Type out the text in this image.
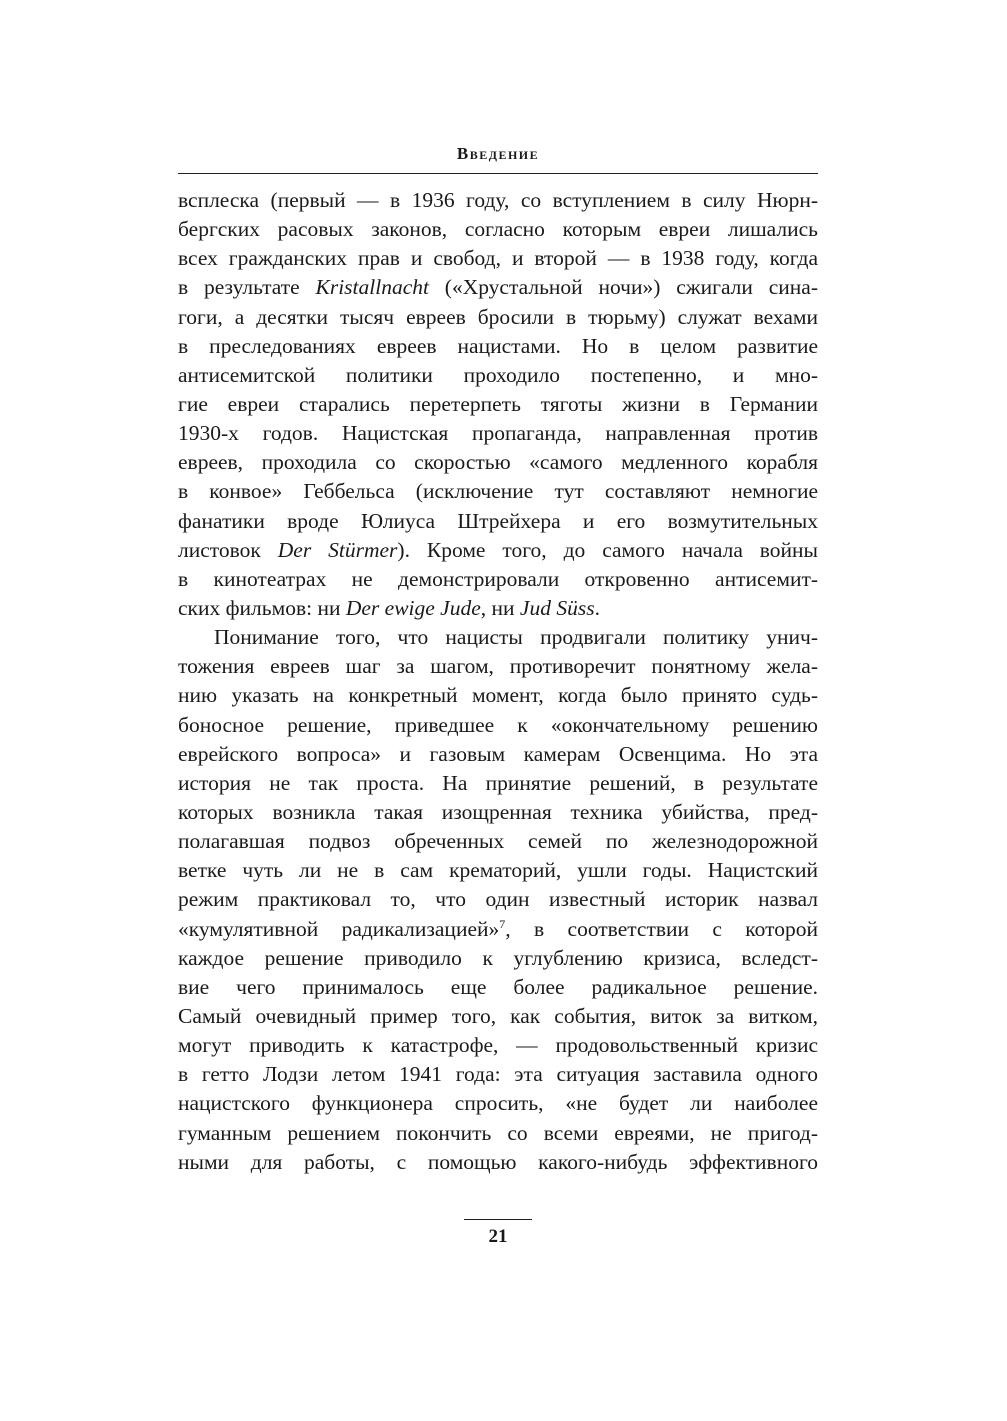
Введение
всплеска (первый — в 1936 году, со вступлением в силу Нюрн-
бергских расовых законов, согласно которым евреи лишались
всех гражданских прав и свобод, и второй — в 1938 году, когда
в результате Kristallnacht («Хрустальной ночи») сжигали сина-
гоги, а десятки тысяч евреев бросили в тюрьму) служат вехами
в преследованиях евреев нацистами. Но в целом развитие
антисемитской политики проходило постепенно, и мно-
гие евреи старались перетерпеть тяготы жизни в Германии
1930-х годов. Нацистская пропаганда, направленная против
евреев, проходила со скоростью «самого медленного корабля
в конвое» Геббельса (исключение тут составляют немногие
фанатики вроде Юлиуса Штрейхера и его возмутительных
листовок Der Stürmer). Кроме того, до самого начала войны
в кинотеатрах не демонстрировали откровенно антисемит-
ских фильмов: ни Der ewige Jude, ни Jud Süss.
Понимание того, что нацисты продвигали политику унич-
тожения евреев шаг за шагом, противоречит понятному жела-
нию указать на конкретный момент, когда было принято судь-
боносное решение, приведшее к «окончательному решению
еврейского вопроса» и газовым камерам Освенцима. Но эта
история не так проста. На принятие решений, в результате
которых возникла такая изощренная техника убийства, пред-
полагавшая подвоз обреченных семей по железнодорожной
ветке чуть ли не в сам крематорий, ушли годы. Нацистский
режим практиковал то, что один известный историк назвал
«кумулятивной радикализацией»$^7$, в соответствии с которой
каждое решение приводило к углублению кризиса, вследст-
вие чего принималось еще более радикальное решение.
Самый очевидный пример того, как события, виток за витком,
могут приводить к катастрофе, — продовольственный кризис
в гетто Лодзи летом 1941 года: эта ситуация заставила одного
нацистского функционера спросить, «не будет ли наиболее
гуманным решением покончить со всеми евреями, не пригод-
ными для работы, с помощью какого-нибудь эффективного
21
